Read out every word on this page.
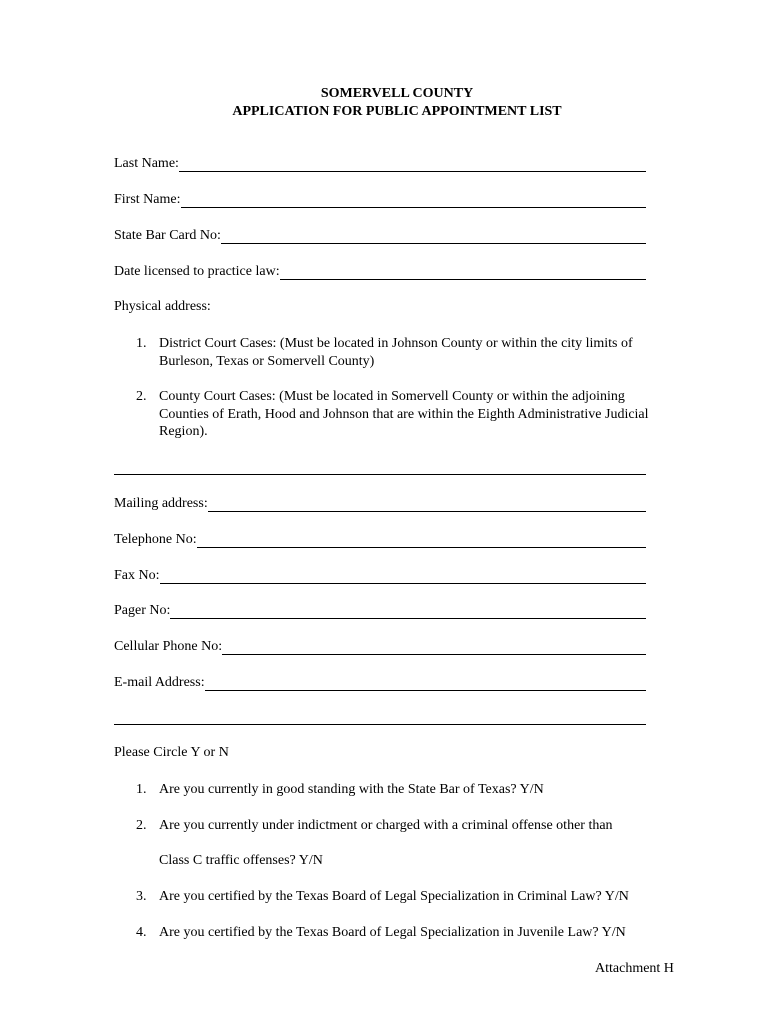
SOMERVELL COUNTY
APPLICATION FOR PUBLIC APPOINTMENT LIST
Last Name:
First Name:
State Bar Card No:
Date licensed to practice law:
Physical address:
1. District Court Cases: (Must be located in Johnson County or within the city limits of Burleson, Texas or Somervell County)
2. County Court Cases: (Must be located in Somervell County or within the adjoining Counties of Erath, Hood and Johnson that are within the Eighth Administrative Judicial Region).
Mailing address:
Telephone No:
Fax No:
Pager No:
Cellular Phone No:
E-mail Address:
Please Circle Y or N
1. Are you currently in good standing with the State Bar of Texas? Y/N
2. Are you currently under indictment or charged with a criminal offense other than
Class C traffic offenses? Y/N
3. Are you certified by the Texas Board of Legal Specialization in Criminal Law? Y/N
4. Are you certified by the Texas Board of Legal Specialization in Juvenile Law? Y/N
Attachment H
